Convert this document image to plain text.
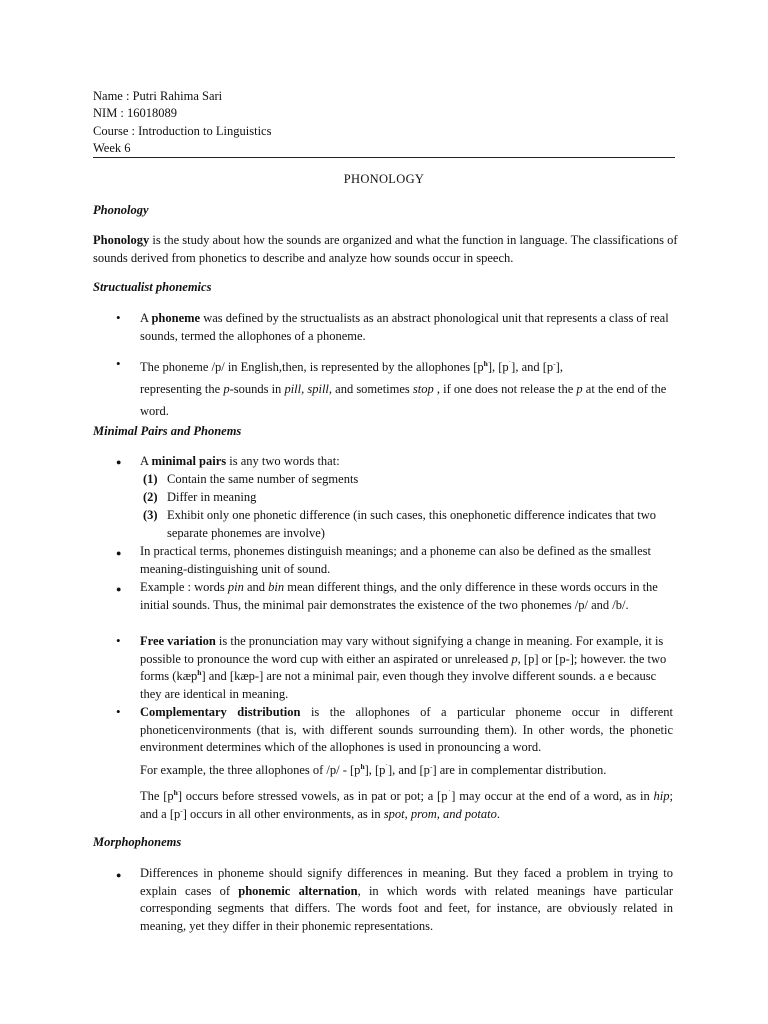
Name : Putri Rahima Sari
NIM : 16018089
Course : Introduction to Linguistics
Week 6
PHONOLOGY
Phonology
Phonology is the study about how the sounds are organized and what the function in language. The classifications of sounds derived from phonetics to describe and analyze how sounds occur in speech.
Structualist phonemics
•	A phoneme was defined by the structualists as an abstract phonological unit that represents a class of real sounds, termed the allophones of a phoneme.
•	The phoneme /p/ in English,then, is represented by the allophones $[p^h]$, [p˙], and [p-],
representing the p-sounds in pill, spill, and sometimes stop , if one does not release the p at the end of the word.
Minimal Pairs and Phonems
●	A minimal pairs is any two words that:
(1) Contain the same number of segments
(2) Differ in meaning
(3) Exhibit only one phonetic difference (in such cases, this onephonetic difference indicates that two separate phonemes are involve)
●	In practical terms, phonemes distinguish meanings; and a phoneme can also be defined as the smallest meaning-distinguishing unit of sound.
●	Example : words pin and bin mean different things, and the only difference in these words occurs in the initial sounds. Thus, the minimal pair demonstrates the existence of the two phonemes /p/ and /b/.
•	Free variation is the pronunciation may vary without signifying a change in meaning. For example, it is possible to pronounce the word cup with either an aspirated or unreleased p, [p] or [p-]; however. the two forms (kæp$^h$] and [kæp-] are not a minimal pair, even though they involve different sounds. a e becausc they are identical in meaning.
•	Complementary distribution is the allophones of a particular phoneme occur in different phoneticenvironments (that is, with different sounds surrounding them). In other words, the phonetic environment determines which of the allophones is used in pronouncing a word.
For example, the three allophones of $/p/ - [p^h]$, [p˙], and [p-] are in complementar distribution.
The $[p^h]$ occurs before stressed vowels, as in pat or pot; a [p˙] may occur at the end of a word, as in hip; and a [p-] occurs in all other environments, as in spot, prom, and potato.
Morphophonems
●	Differences in phoneme should signify differences in meaning. But they faced a problem in trying to explain cases of phonemic alternation, in which words with related meanings have particular corresponding segments that differs. The words foot and feet, for instance, are obviously related in meaning, yet they differ in their phonemic representations.
